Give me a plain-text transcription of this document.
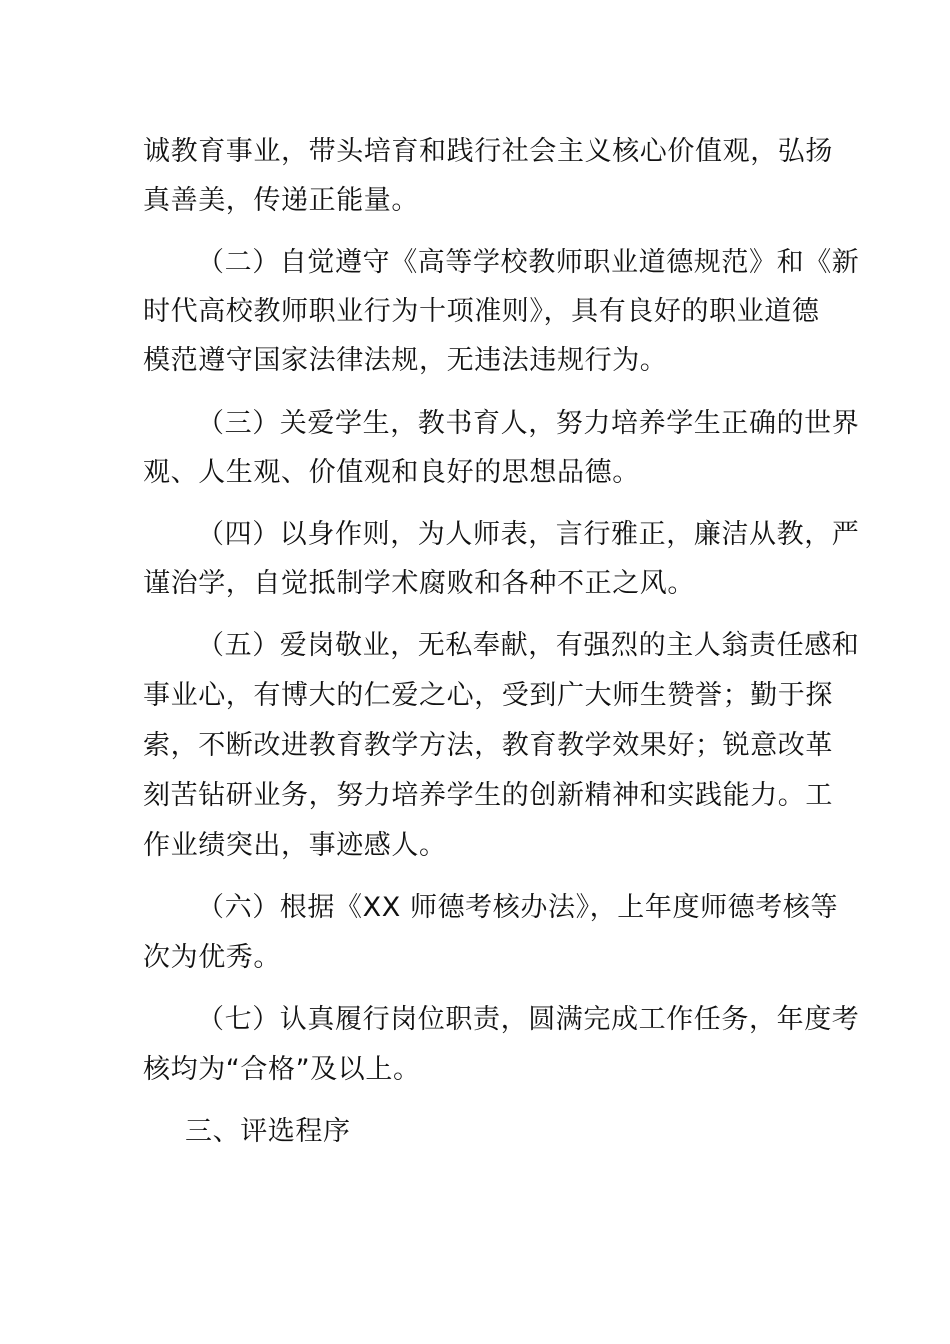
诚教育事业，带头培育和践行社会主义核心价值观，弘扬
真善美，传递正能量。
（二）自觉遵守《高等学校教师职业道德规范》和《新
时代高校教师职业行为十项准则》，具有良好的职业道德
模范遵守国家法律法规，无违法违规行为。
（三）关爱学生，教书育人，努力培养学生正确的世界
观、人生观、价值观和良好的思想品德。
（四）以身作则，为人师表，言行雅正，廉洁从教，严
谨治学，自觉抵制学术腐败和各种不正之风。
（五）爱岗敬业，无私奉献，有强烈的主人翁责任感和
事业心，有博大的仁爱之心，受到广大师生赞誉；勤于探
索，不断改进教育教学方法，教育教学效果好；锐意改革
刻苦钻研业务，努力培养学生的创新精神和实践能力。工
作业绩突出，事迹感人。
（六）根据《XX 师德考核办法》，上年度师德考核等
次为优秀。
（七）认真履行岗位职责，圆满完成工作任务，年度考
核均为“合格”及以上。
三、评选程序
